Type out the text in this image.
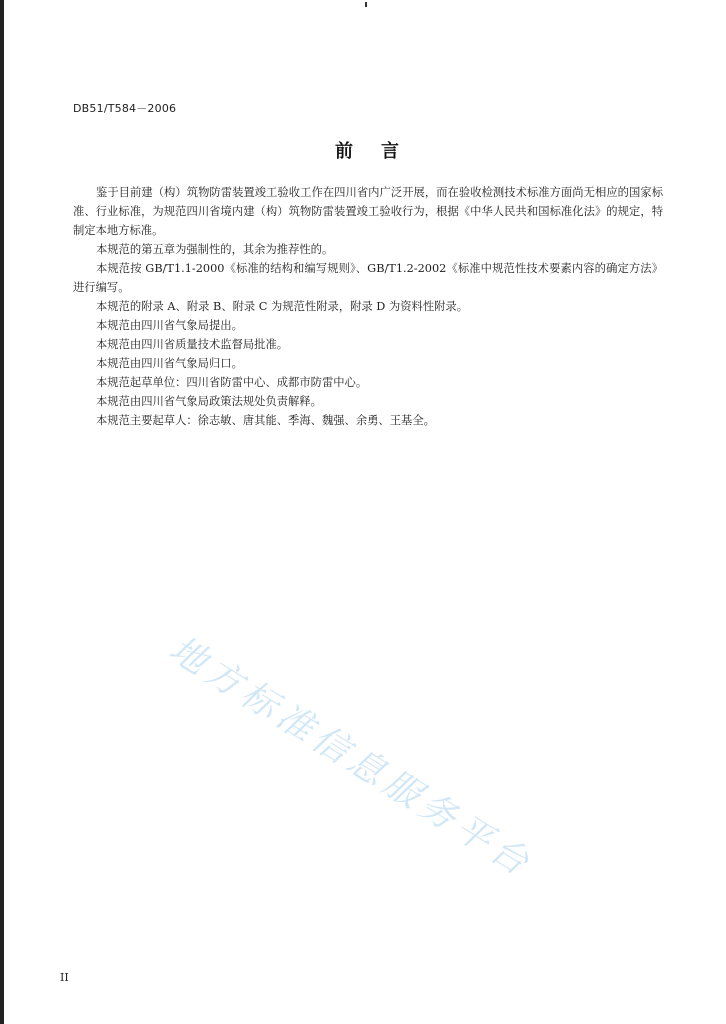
DB51/T584－2006
前言

鉴于目前建（构）筑物防雷装置竣工验收工作在四川省内广泛开展，而在验收检测技术标准方面尚无相应的国家标准、行业标准，为规范四川省境内建（构）筑物防雷装置竣工验收行为，根据《中华人民共和国标准化法》的规定，特制定本地方标准。

本规范的第五章为强制性的，其余为推荐性的。

本规范按 GB/T1.1-2000《标准的结构和编写规则》、GB/T1.2-2002《标准中规范性技术要素内容的确定方法》进行编写。

本规范的附录 A、附录 B、附录 C 为规范性附录，附录 D 为资料性附录。

本规范由四川省气象局提出。

本规范由四川省质量技术监督局批准。

本规范由四川省气象局归口。

本规范起草单位：四川省防雷中心、成都市防雷中心。

本规范由四川省气象局政策法规处负责解释。

本规范主要起草人：徐志敏、唐其能、季海、魏强、余勇、王基全。

地方标准信息服务平台
II
